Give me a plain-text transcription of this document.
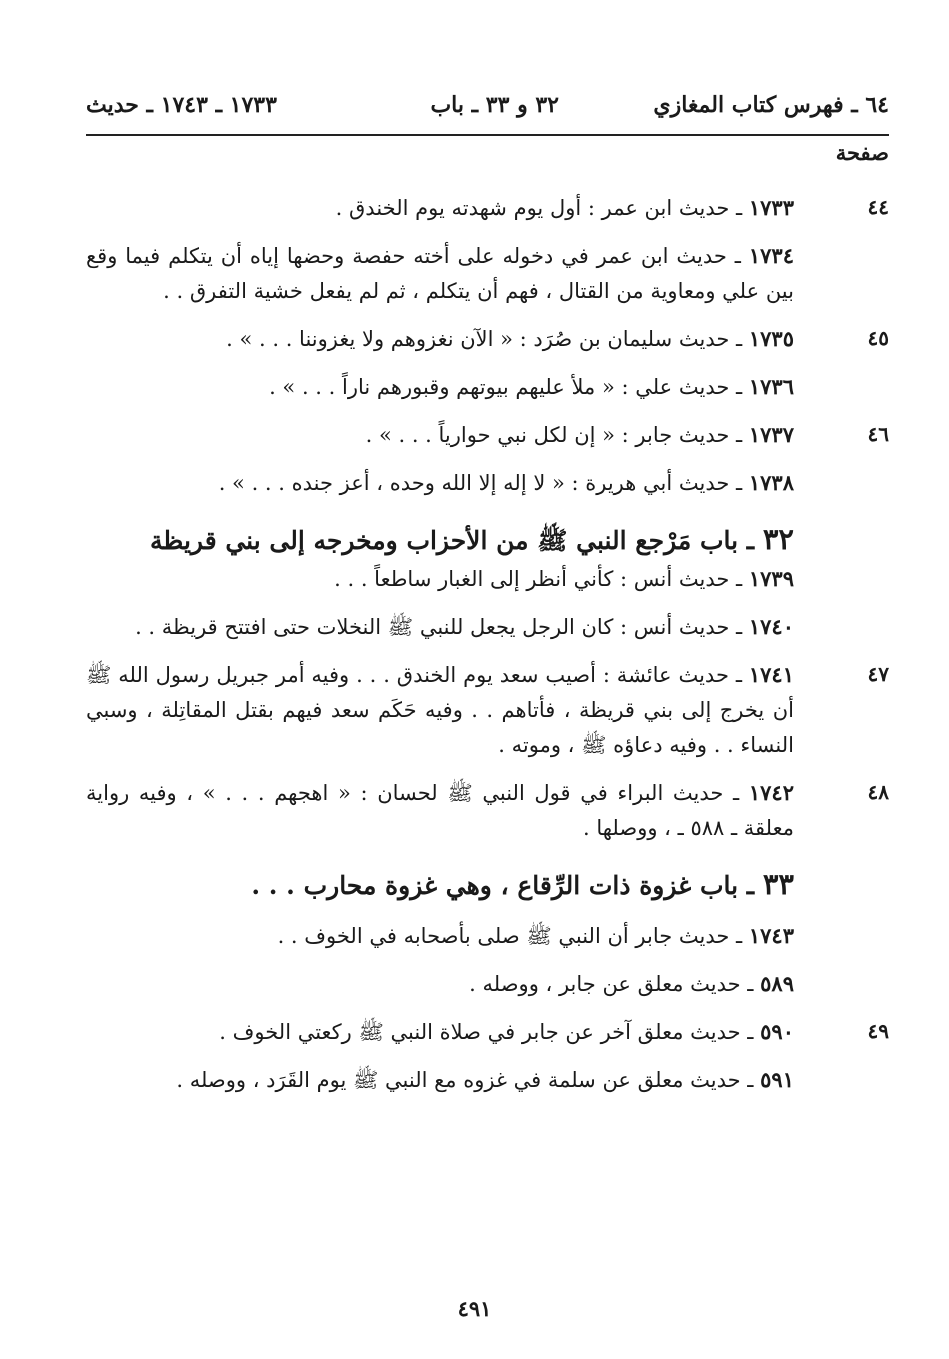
٦٤ ـ فهرس كتاب المغازي
٣٢ و ٣٣ ـ باب
١٧٣٣ ـ ١٧٤٣ ـ حديث
صفحة
٤٤
١٧٣٣ ـ حديث ابن عمر : أول يوم شهدته يوم الخندق .
١٧٣٤ ـ حديث ابن عمر في دخوله على أخته حفصة وحضها إياه أن يتكلم فيما وقع بين علي ومعاوية من القتال ، فهم أن يتكلم ، ثم لم يفعل خشية التفرق . .
٤٥
١٧٣٥ ـ حديث سليمان بن صُرَد : « الآن نغزوهم ولا يغزوننا . . . » .
١٧٣٦ ـ حديث علي : « ملأ عليهم بيوتهم وقبورهم ناراً . . . » .
٤٦
١٧٣٧ ـ حديث جابر : « إن لكل نبي حوارياً . . . » .
١٧٣٨ ـ حديث أبي هريرة : « لا إله إلا الله وحده ، أعز جنده . . . » .
٣٢ ـ باب مَرْجع النبي ﷺ من الأحزاب ومخرجه إلى بني قريظة
١٧٣٩ ـ حديث أنس : كأني أنظر إلى الغبار ساطعاً . . .
١٧٤٠ ـ حديث أنس : كان الرجل يجعل للنبي ﷺ النخلات حتى افتتح قريظة . .
٤٧
١٧٤١ ـ حديث عائشة : أصيب سعد يوم الخندق . . . وفيه أمر جبريل رسول الله ﷺ أن يخرج إلى بني قريظة ، فأتاهم . . وفيه حَكَم سعد فيهم بقتل المقاتِلة ، وسبي النساء . . وفيه دعاؤه ﷺ ، وموته .
٤٨
١٧٤٢ ـ حديث البراء في قول النبي ﷺ لحسان : « اهجهم . . . » ، وفيه رواية معلقة ـ ٥٨٨ ـ ، ووصلها .
٣٣ ـ باب غزوة ذات الرِّقاع ، وهي غزوة محارب . . .
١٧٤٣ ـ حديث جابر أن النبي ﷺ صلى بأصحابه في الخوف . .
٥٨٩ ـ حديث معلق عن جابر ، ووصله .
٤٩
٥٩٠ ـ حديث معلق آخر عن جابر في صلاة النبي ﷺ ركعتي الخوف .
٥٩١ ـ حديث معلق عن سلمة في غزوه مع النبي ﷺ يوم القَرَد ، ووصله .
٤٩١
